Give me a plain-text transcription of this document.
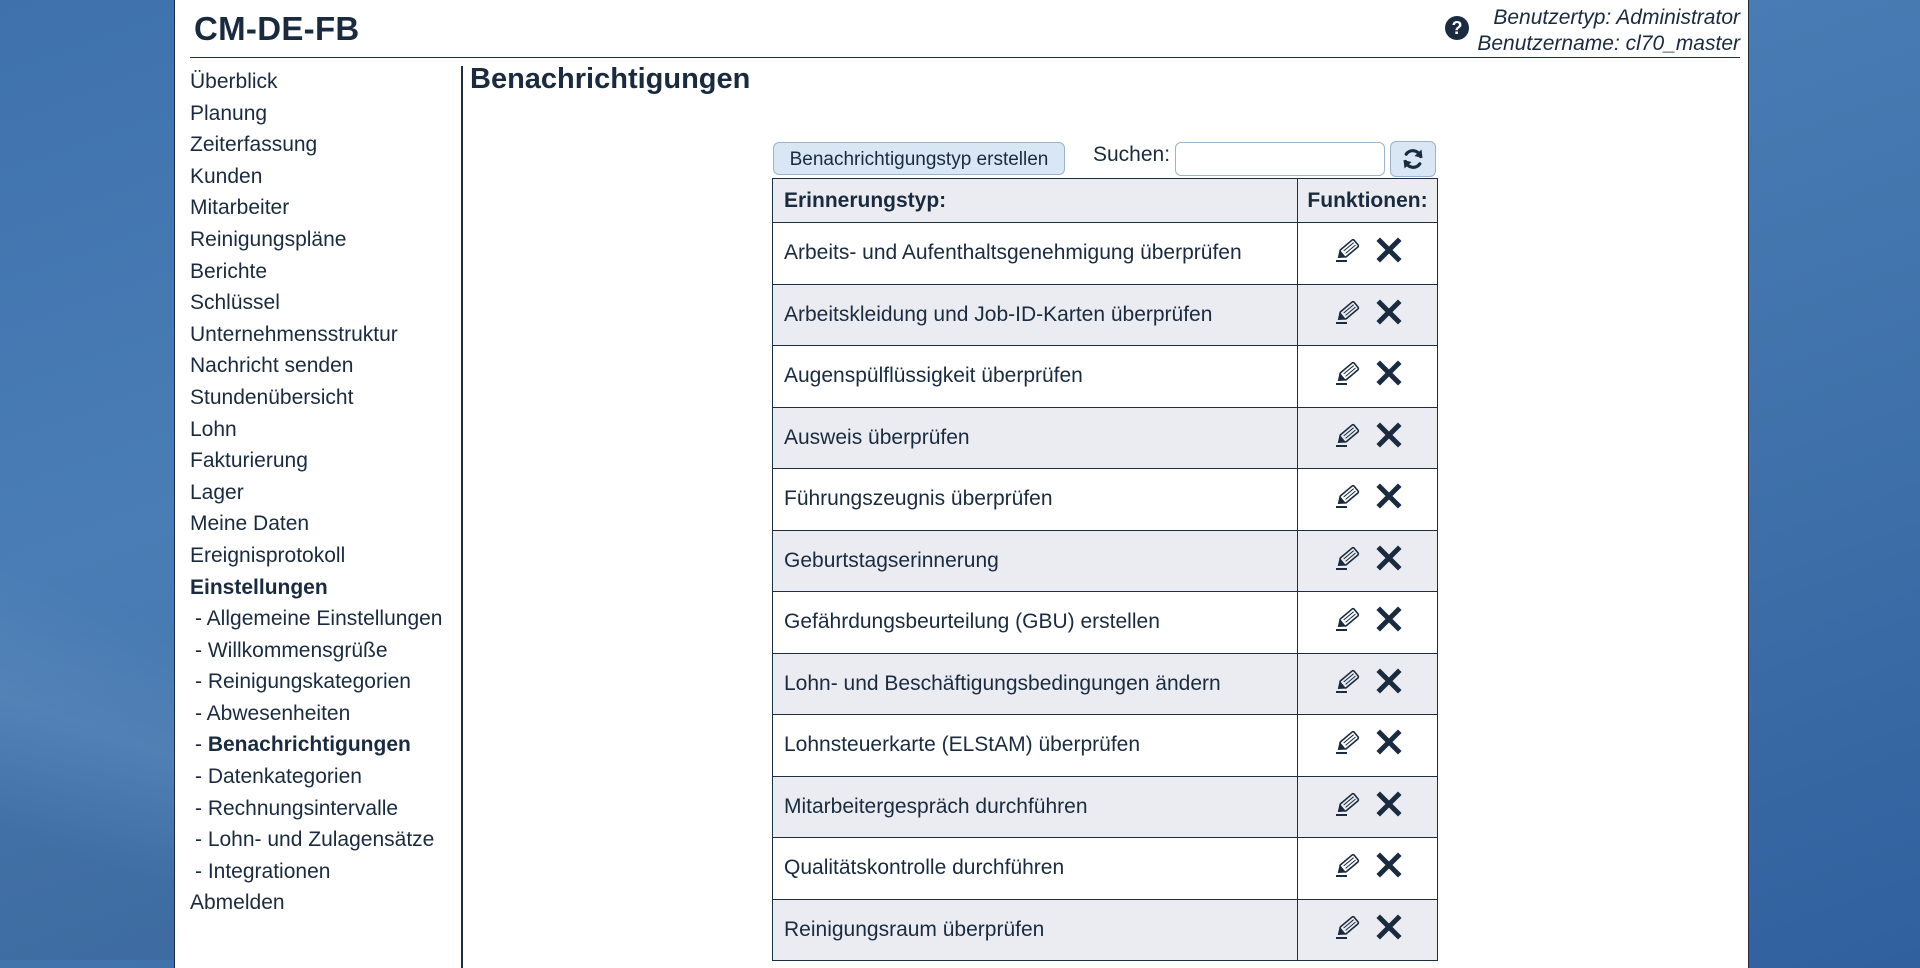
CM-DE-FB	?	Benutzertyp: Administrator
Benutzername: cl70_master
Überblick
Planung
Zeiterfassung
Kunden
Mitarbeiter
Reinigungspläne
Berichte
Schlüssel
Unternehmensstruktur
Nachricht senden
Stundenübersicht
Lohn
Fakturierung
Lager
Meine Daten
Ereignisprotokoll
Einstellungen
- Allgemeine Einstellungen
- Willkommensgrüße
- Reinigungskategorien
- Abwesenheiten
- Benachrichtigungen
- Datenkategorien
- Rechnungsintervalle
- Lohn- und Zulagensätze
- Integrationen
Abmelden
Benachrichtigungen
Benachrichtigungstyp erstellen	Suchen:
Erinnerungstyp:	Funktionen:
Arbeits- und Aufenthaltsgenehmigung überprüfen	
Arbeitskleidung und Job-ID-Karten überprüfen	
Augenspülflüssigkeit überprüfen	
Ausweis überprüfen	
Führungszeugnis überprüfen	
Geburtstagserinnerung	
Gefährdungsbeurteilung (GBU) erstellen	
Lohn- und Beschäftigungsbedingungen ändern	
Lohnsteuerkarte (ELStAM) überprüfen	
Mitarbeitergespräch durchführen	
Qualitätskontrolle durchführen	
Reinigungsraum überprüfen	
